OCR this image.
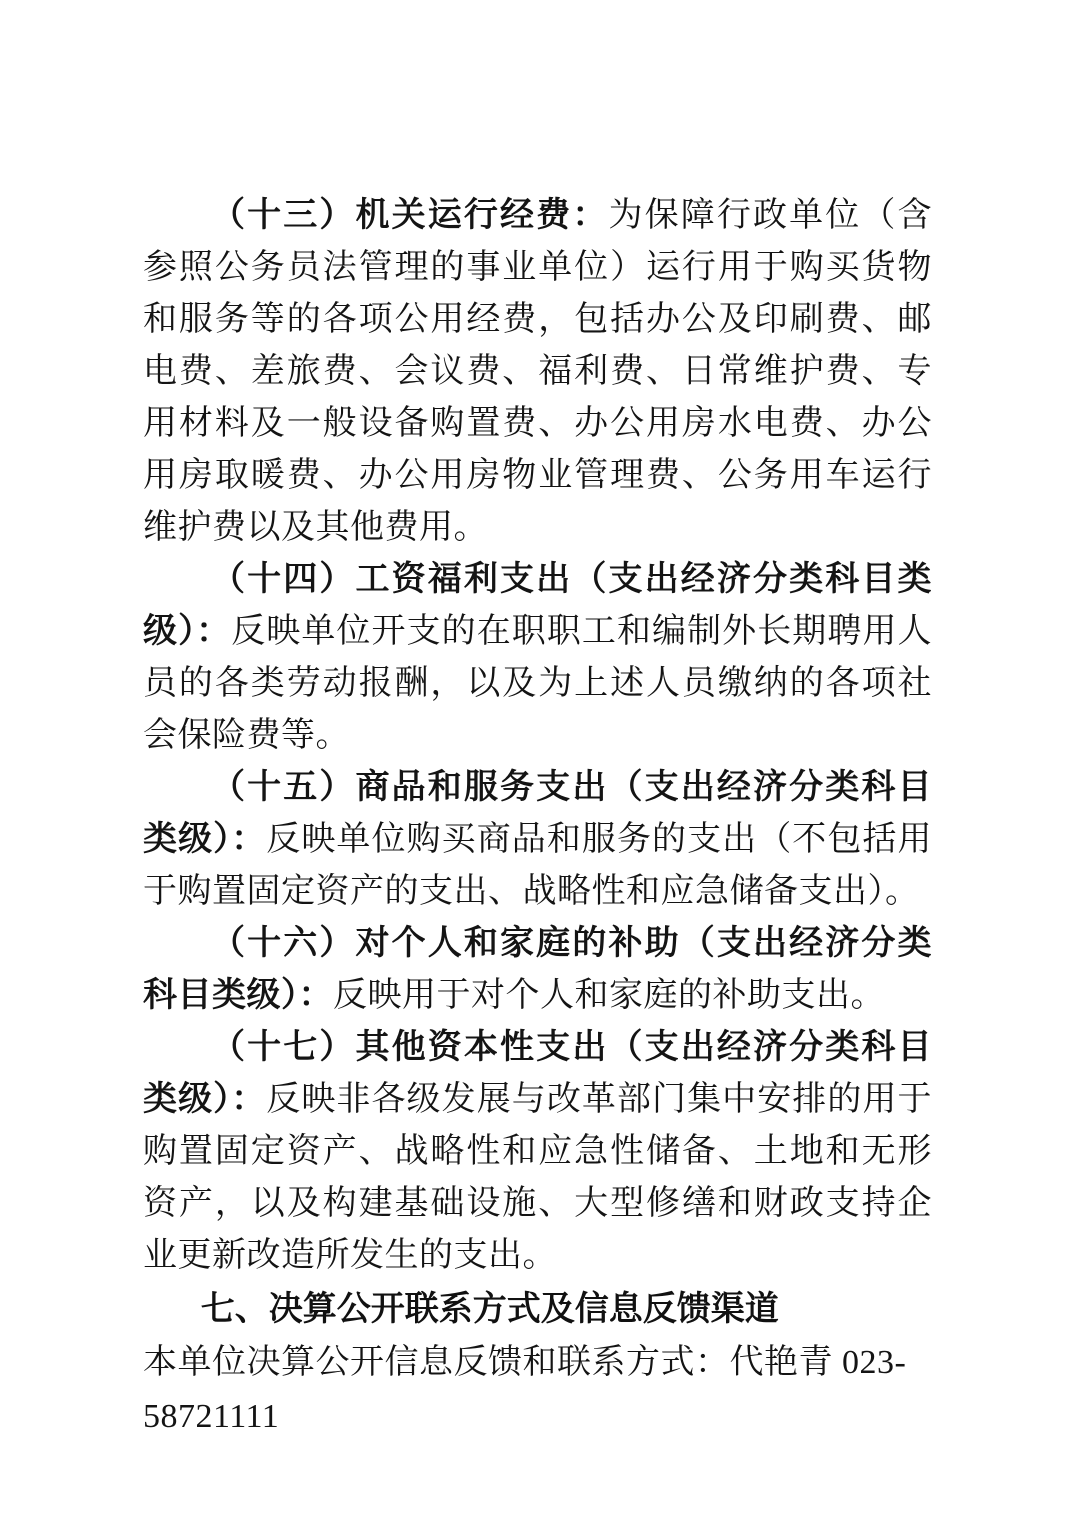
（十三）机关运行经费：为保障行政单位（含参照公务员法管理的事业单位）运行用于购买货物和服务等的各项公用经费，包括办公及印刷费、邮电费、差旅费、会议费、福利费、日常维护费、专用材料及一般设备购置费、办公用房水电费、办公用房取暖费、办公用房物业管理费、公务用车运行维护费以及其他费用。

（十四）工资福利支出（支出经济分类科目类级）：反映单位开支的在职职工和编制外长期聘用人员的各类劳动报酬，以及为上述人员缴纳的各项社会保险费等。

（十五）商品和服务支出（支出经济分类科目类级）：反映单位购买商品和服务的支出（不包括用于购置固定资产的支出、战略性和应急储备支出）。

（十六）对个人和家庭的补助（支出经济分类科目类级）：反映用于对个人和家庭的补助支出。

（十七）其他资本性支出（支出经济分类科目类级）：反映非各级发展与改革部门集中安排的用于购置固定资产、战略性和应急性储备、土地和无形资产，以及构建基础设施、大型修缮和财政支持企业更新改造所发生的支出。

七、决算公开联系方式及信息反馈渠道

本单位决算公开信息反馈和联系方式：代艳青 023-58721111
